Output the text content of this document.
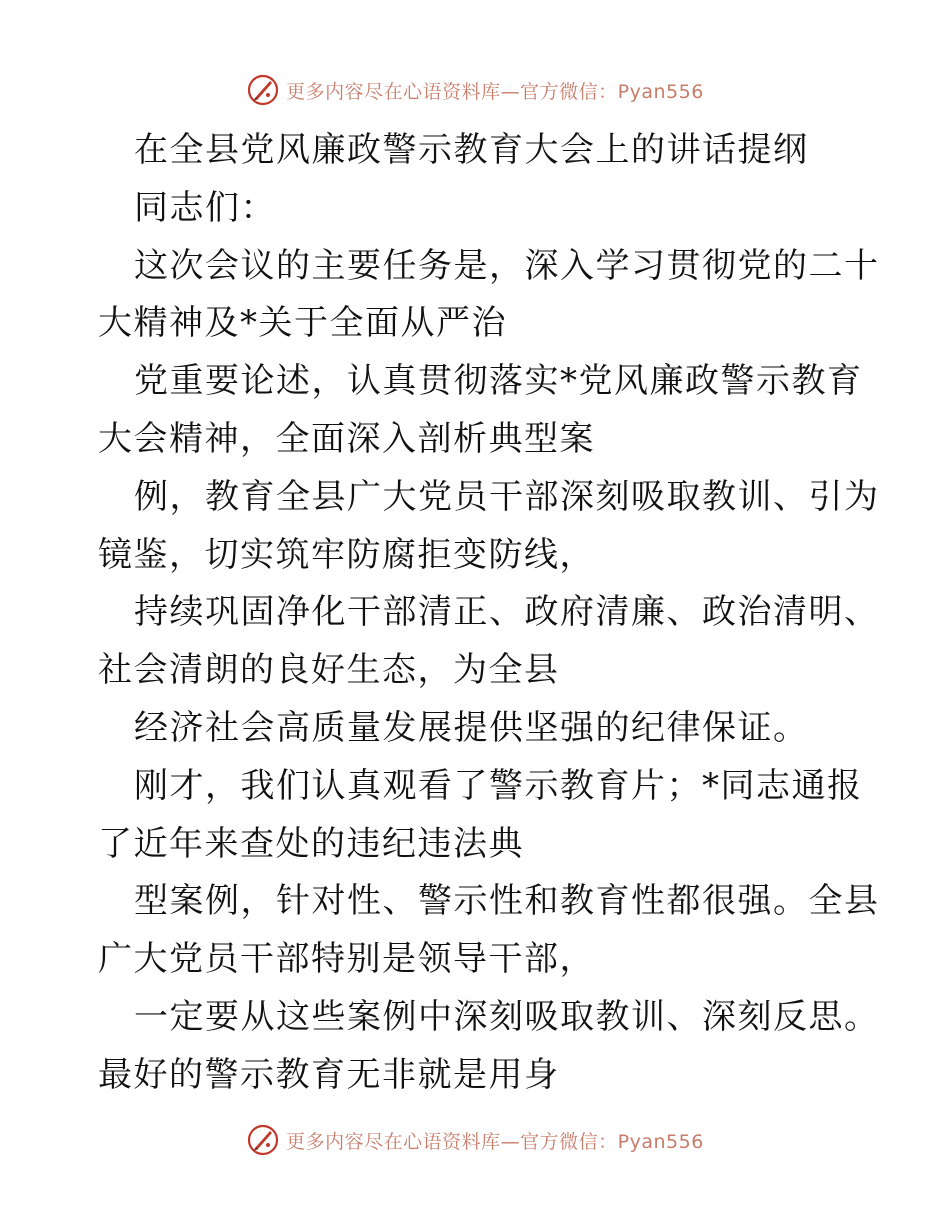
更多内容尽在心语资料库—官方微信：Pyan556
在全县党风廉政警示教育大会上的讲话提纲
同志们：
这次会议的主要任务是，深入学习贯彻党的二十
大精神及*关于全面从严治
党重要论述，认真贯彻落实*党风廉政警示教育
大会精神，全面深入剖析典型案
例，教育全县广大党员干部深刻吸取教训、引为
镜鉴，切实筑牢防腐拒变防线，
持续巩固净化干部清正、政府清廉、政治清明、
社会清朗的良好生态，为全县
经济社会高质量发展提供坚强的纪律保证。
刚才，我们认真观看了警示教育片；*同志通报
了近年来查处的违纪违法典
型案例，针对性、警示性和教育性都很强。全县
广大党员干部特别是领导干部，
一定要从这些案例中深刻吸取教训、深刻反思。
最好的警示教育无非就是用身
更多内容尽在心语资料库—官方微信：Pyan556
